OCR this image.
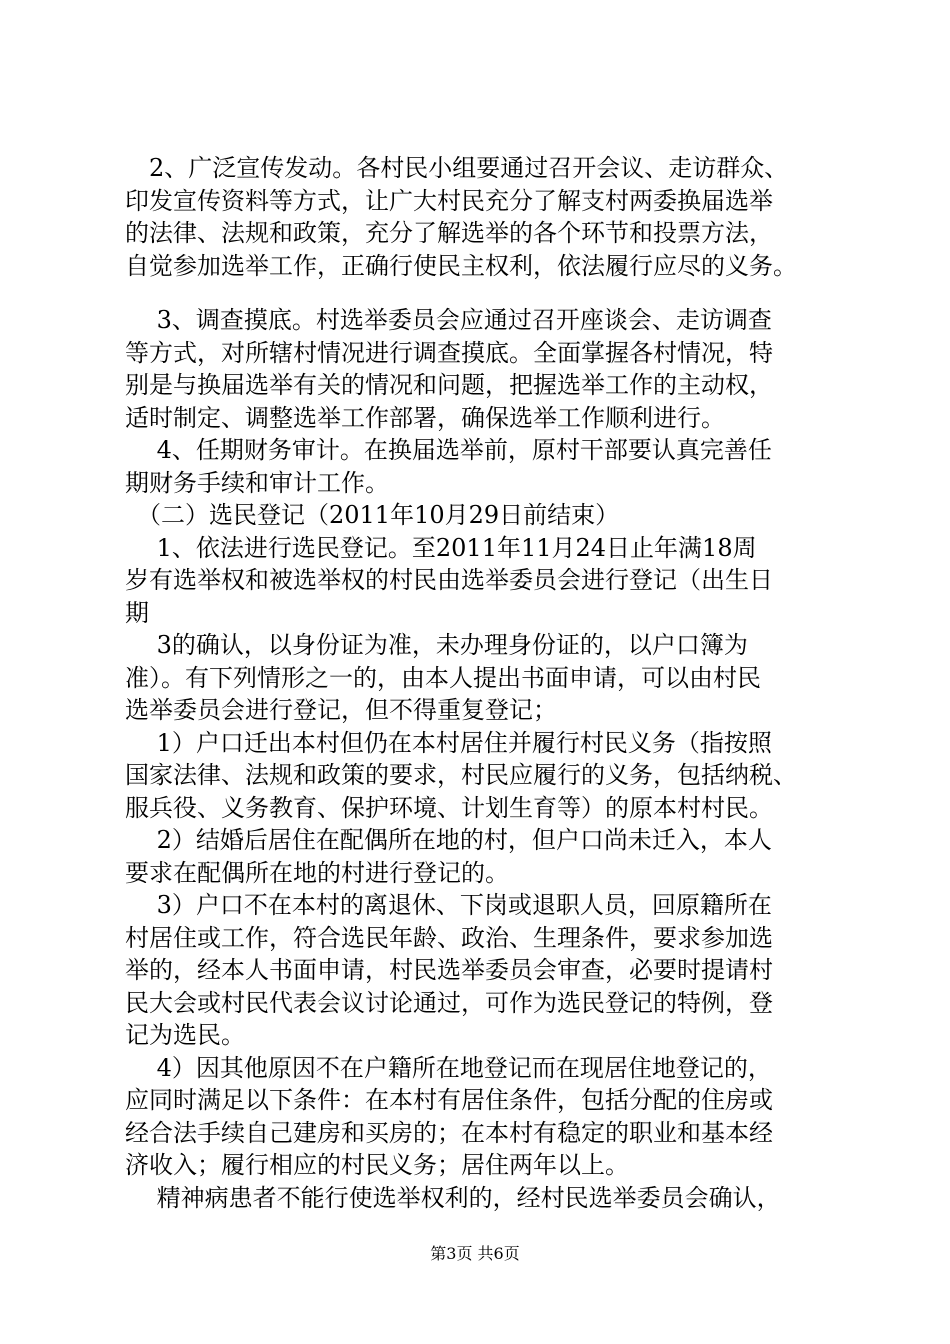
　2、广泛宣传发动。各村民小组要通过召开会议、走访群众、
印发宣传资料等方式，让广大村民充分了解支村两委换届选举
的法律、法规和政策，充分了解选举的各个环节和投票方法，
自觉参加选举工作，正确行使民主权利，依法履行应尽的义务。
　 3、调查摸底。村选举委员会应通过召开座谈会、走访调查
等方式，对所辖村情况进行调查摸底。全面掌握各村情况，特
别是与换届选举有关的情况和问题，把握选举工作的主动权，
适时制定、调整选举工作部署，确保选举工作顺利进行。
　 4、任期财务审计。在换届选举前，原村干部要认真完善任
期财务手续和审计工作。
　（二）选民登记（2011年10月29日前结束）
　 1、依法进行选民登记。至2011年11月24日止年满18周
岁有选举权和被选举权的村民由选举委员会进行登记（出生日
期
　 3的确认，以身份证为准，未办理身份证的，以户口簿为
准）。有下列情形之一的，由本人提出书面申请，可以由村民
选举委员会进行登记，但不得重复登记；
　 1）户口迁出本村但仍在本村居住并履行村民义务（指按照
国家法律、法规和政策的要求，村民应履行的义务，包括纳税、
服兵役、义务教育、保护环境、计划生育等）的原本村村民。
　 2）结婚后居住在配偶所在地的村，但户口尚未迁入，本人
要求在配偶所在地的村进行登记的。
　 3）户口不在本村的离退休、下岗或退职人员，回原籍所在
村居住或工作，符合选民年龄、政治、生理条件，要求参加选
举的，经本人书面申请，村民选举委员会审查，必要时提请村
民大会或村民代表会议讨论通过，可作为选民登记的特例，登
记为选民。
　 4）因其他原因不在户籍所在地登记而在现居住地登记的，
应同时满足以下条件：在本村有居住条件，包括分配的住房或
经合法手续自己建房和买房的；在本村有稳定的职业和基本经
济收入；履行相应的村民义务；居住两年以上。
　 精神病患者不能行使选举权利的，经村民选举委员会确认，
第3页 共6页
